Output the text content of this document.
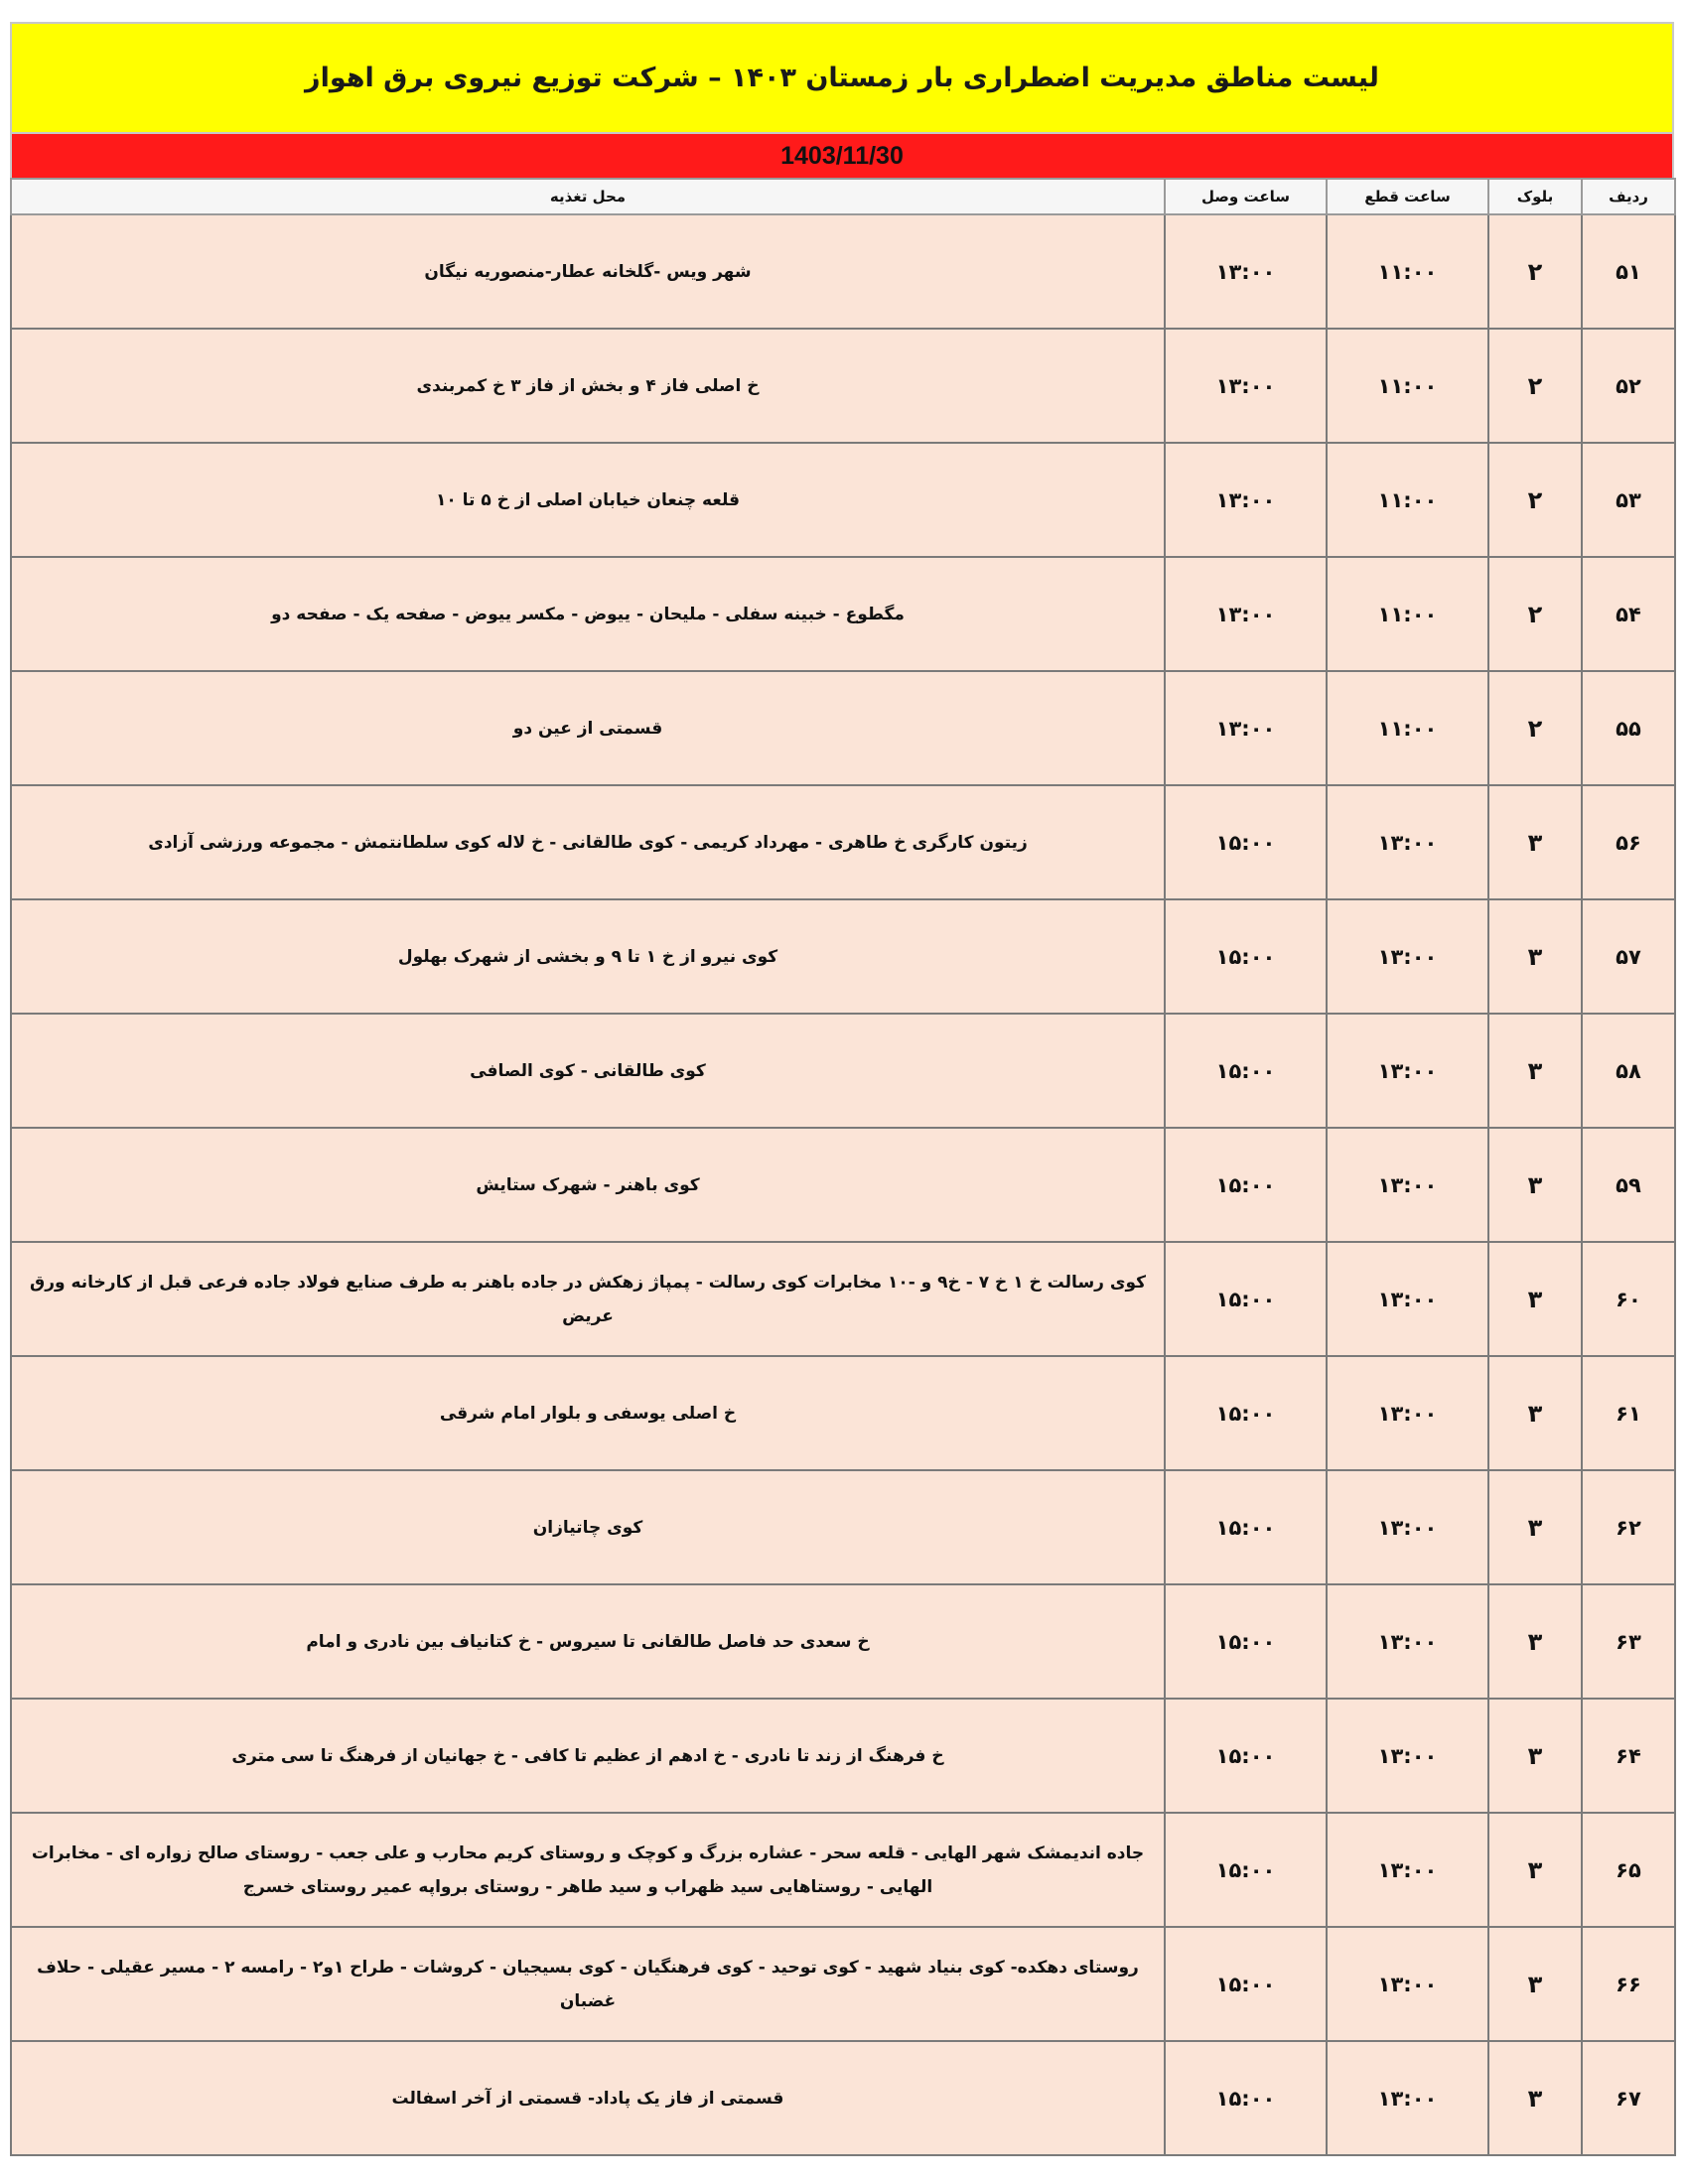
لیست مناطق مدیریت اضطراری بار زمستان ۱۴۰۳ – شرکت توزیع نیروی برق اهواز
1403/11/30
ردیف	بلوک	ساعت قطع	ساعت وصل	محل تغذیه
۵۱	۲	۱۱:۰۰	۱۳:۰۰	شهر ویس -گلخانه عطار-منصوریه نیگان
۵۲	۲	۱۱:۰۰	۱۳:۰۰	خ اصلی فاز ۴ و بخش از فاز ۳ خ کمربندی
۵۳	۲	۱۱:۰۰	۱۳:۰۰	قلعه چنعان خیابان اصلی از خ ۵ تا ۱۰
۵۴	۲	۱۱:۰۰	۱۳:۰۰	مگطوع - خبینه سفلی - ملیحان - ییوض - مکسر ییوض - صفحه یک - صفحه دو
۵۵	۲	۱۱:۰۰	۱۳:۰۰	قسمتی از عین دو
۵۶	۳	۱۳:۰۰	۱۵:۰۰	زیتون کارگری خ طاهری - مهرداد کریمی - کوی طالقانی - خ لاله کوی سلطانتمش - مجموعه ورزشی آزادی
۵۷	۳	۱۳:۰۰	۱۵:۰۰	کوی نیرو از خ ۱ تا ۹ و بخشی از شهرک بهلول
۵۸	۳	۱۳:۰۰	۱۵:۰۰	کوی طالقانی - کوی الصافی
۵۹	۳	۱۳:۰۰	۱۵:۰۰	کوی باهنر - شهرک ستایش
۶۰	۳	۱۳:۰۰	۱۵:۰۰	کوی رسالت خ ۱ خ ۷ - خ۹ و -۱۰ مخابرات کوی رسالت - پمپاژ زهکش در جاده باهنر به طرف صنایع فولاد جاده فرعی قبل از کارخانه ورق عریض
۶۱	۳	۱۳:۰۰	۱۵:۰۰	خ اصلی یوسفی و بلوار امام شرقی
۶۲	۳	۱۳:۰۰	۱۵:۰۰	کوی چاتیازان
۶۳	۳	۱۳:۰۰	۱۵:۰۰	خ سعدی حد فاصل طالقانی تا سیروس - خ کتانیاف بین نادری و امام
۶۴	۳	۱۳:۰۰	۱۵:۰۰	خ فرهنگ از زند تا نادری - خ ادهم از عظیم تا کافی - خ جهانیان از فرهنگ تا سی متری
۶۵	۳	۱۳:۰۰	۱۵:۰۰	جاده اندیمشک شهر الهایی - قلعه سحر - عشاره بزرگ و کوچک و روستای کریم محارب و علی جعب - روستای صالح زواره ای - مخابرات الهایی - روستاهایی سید ظهراب و سید طاهر - روستای برواپه عمیر روستای خسرج
۶۶	۳	۱۳:۰۰	۱۵:۰۰	روستای دهکده- کوی بنیاد شهید - کوی توحید - کوی فرهنگیان - کوی بسیجیان - کروشات - طراح ۱و۲ - رامسه ۲ - مسیر عقیلی - حلاف غضبان
۶۷	۳	۱۳:۰۰	۱۵:۰۰	قسمتی از فاز یک پاداد- قسمتی از آخر اسفالت
